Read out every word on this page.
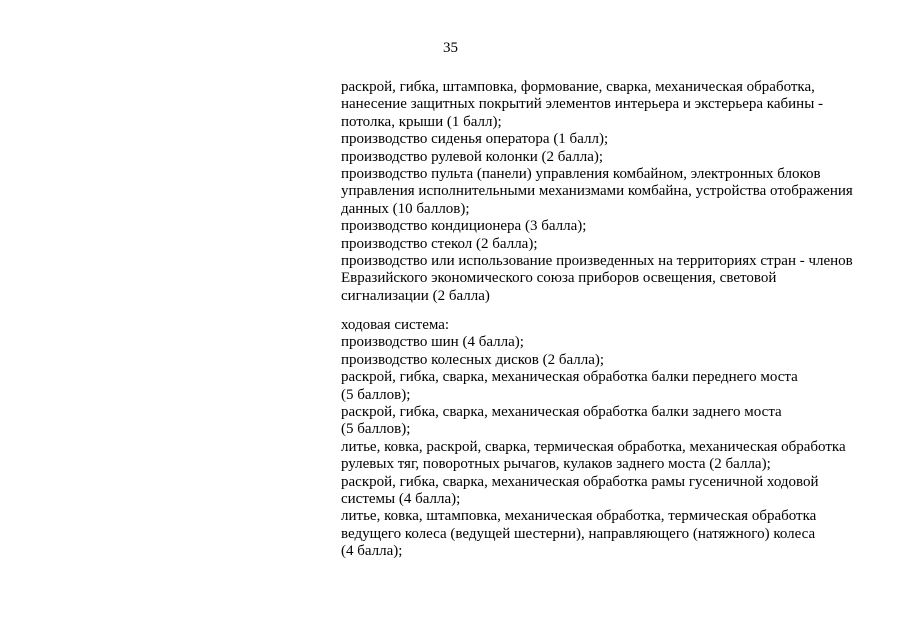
35
раскрой, гибка, штамповка, формование, сварка, механическая обработка,
нанесение защитных покрытий элементов интерьера и экстерьера кабины -
потолка, крыши (1 балл);
производство сиденья оператора (1 балл);
производство рулевой колонки (2 балла);
производство пульта (панели) управления комбайном, электронных блоков
управления исполнительными механизмами комбайна, устройства отображения
данных (10 баллов);
производство кондиционера (3 балла);
производство стекол (2 балла);
производство или использование произведенных на территориях стран - членов
Евразийского экономического союза приборов освещения, световой
сигнализации (2 балла)
ходовая система:
производство шин (4 балла);
производство колесных дисков (2 балла);
раскрой, гибка, сварка, механическая обработка балки переднего моста
(5 баллов);
раскрой, гибка, сварка, механическая обработка балки заднего моста
(5 баллов);
литье, ковка, раскрой, сварка, термическая обработка, механическая обработка
рулевых тяг, поворотных рычагов, кулаков заднего моста (2 балла);
раскрой, гибка, сварка, механическая обработка рамы гусеничной ходовой
системы (4 балла);
литье, ковка, штамповка, механическая обработка, термическая обработка
ведущего колеса (ведущей шестерни), направляющего (натяжного) колеса
(4 балла);
